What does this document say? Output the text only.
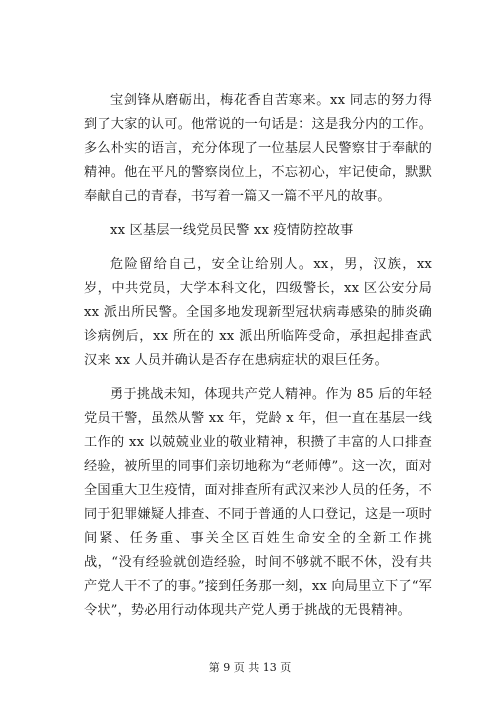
宝剑锋从磨砺出，梅花香自苦寒来。xx 同志的努力得到了大家的认可。他常说的一句话是：这是我分内的工作。多么朴实的语言，充分体现了一位基层人民警察甘于奉献的精神。他在平凡的警察岗位上，不忘初心，牢记使命，默默奉献自己的青春，书写着一篇又一篇不平凡的故事。

xx 区基层一线党员民警 xx 疫情防控故事

危险留给自己，安全让给别人。xx，男，汉族，xx 岁，中共党员，大学本科文化，四级警长，xx 区公安分局 xx 派出所民警。全国多地发现新型冠状病毒感染的肺炎确诊病例后，xx 所在的 xx 派出所临阵受命，承担起排查武汉来 xx 人员并确认是否存在患病症状的艰巨任务。

勇于挑战未知，体现共产党人精神。作为 85 后的年轻党员干警，虽然从警 xx 年，党龄 x 年，但一直在基层一线工作的 xx 以兢兢业业的敬业精神，积攒了丰富的人口排查经验，被所里的同事们亲切地称为“老师傅”。这一次，面对全国重大卫生疫情，面对排查所有武汉来沙人员的任务，不同于犯罪嫌疑人排查、不同于普通的人口登记，这是一项时间紧、任务重、事关全区百姓生命安全的全新工作挑战，“没有经验就创造经验，时间不够就不眠不休，没有共产党人干不了的事。”接到任务那一刻，xx 向局里立下了“军令状”，势必用行动体现共产党人勇于挑战的无畏精神。

第 9 页 共 13 页
